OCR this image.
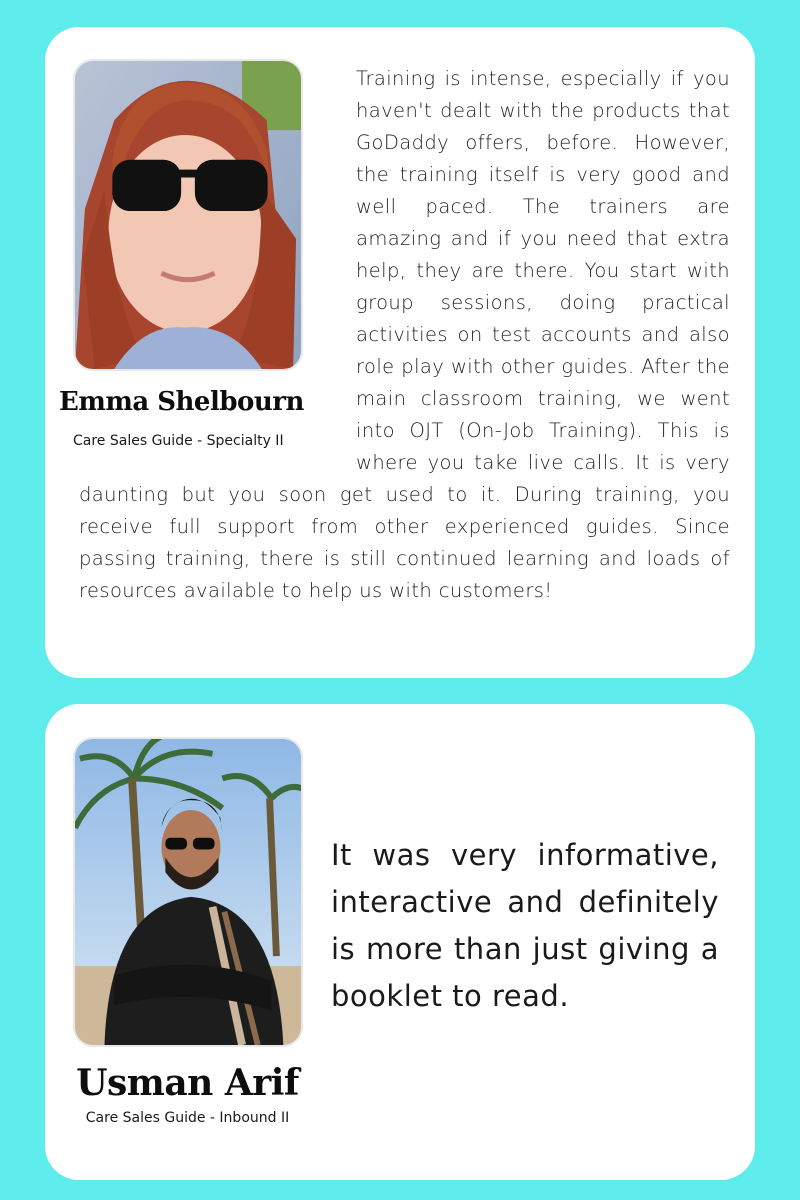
Emma Shelbourn
Care Sales Guide - Specialty II
Training is intense, especially if you haven't dealt with the products that GoDaddy offers, before. However, the training itself is very good and well paced. The trainers are amazing and if you need that extra help, they are there. You start with group sessions, doing practical activities on test accounts and also role play with other guides. After the main classroom training, we went into OJT (On-Job Training). This is where you take live calls. It is very daunting but you soon get used to it. During training, you receive full support from other experienced guides. Since passing training, there is still continued learning and loads of resources available to help us with customers!
Usman Arif
Care Sales Guide - Inbound II
It was very informative, interactive and definitely is more than just giving a booklet to read.
